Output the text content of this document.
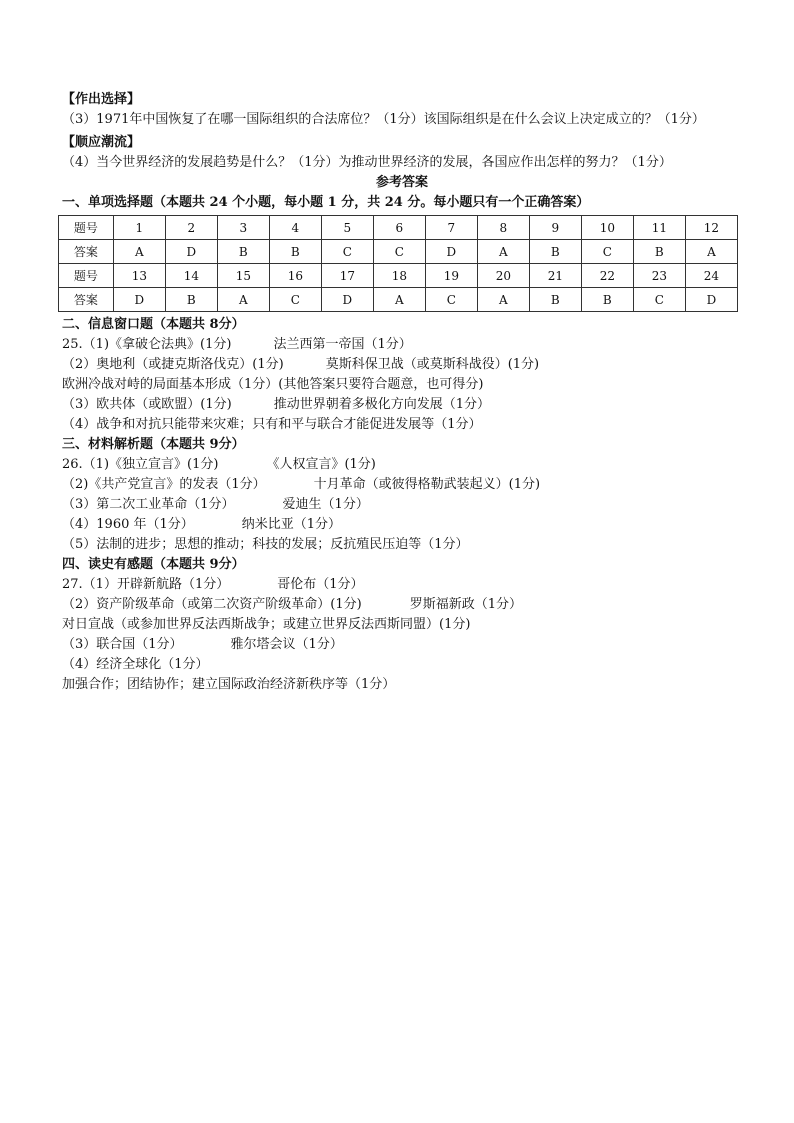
【作出选择】
（3）1971年中国恢复了在哪一国际组织的合法席位？（1分）该国际组织是在什么会议上决定成立的？（1分）
【顺应潮流】
（4）当今世界经济的发展趋势是什么？（1分）为推动世界经济的发展，各国应作出怎样的努力？（1分）
参考答案
一、单项选择题（本题共 24 个小题，每小题 1 分，共 24 分。每小题只有一个正确答案）
题号	1	2	3	4	5	6	7	8	9	10	11	12
答案	A	D	B	B	C	C	D	A	B	C	B	A
题号	13	14	15	16	17	18	19	20	21	22	23	24
答案	D	B	A	C	D	A	C	A	B	B	C	D
二、信息窗口题（本题共 8分）
25.（1)《拿破仑法典》(1分)	法兰西第一帝国（1分）
（2）奥地利（或捷克斯洛伐克）(1分)	莫斯科保卫战（或莫斯科战役）(1分)
欧洲冷战对峙的局面基本形成（1分）(其他答案只要符合题意，也可得分)
（3）欧共体（或欧盟）(1分)	推动世界朝着多极化方向发展（1分）
（4）战争和对抗只能带来灾难；只有和平与联合才能促进发展等（1分）
三、材料解析题（本题共 9分）
26.（1)《独立宣言》(1分)	《人权宣言》(1分)
（2)《共产党宣言》的发表（1分）	十月革命（或彼得格勒武装起义）(1分)
（3）第二次工业革命（1分）	爱迪生（1分）
（4）1960 年（1分）	纳米比亚（1分）
（5）法制的进步；思想的推动；科技的发展；反抗殖民压迫等（1分）
四、读史有感题（本题共 9分）
27.（1）开辟新航路（1分）	哥伦布（1分）
（2）资产阶级革命（或第二次资产阶级革命）(1分)	罗斯福新政（1分）
对日宣战（或参加世界反法西斯战争；或建立世界反法西斯同盟）(1分)
（3）联合国（1分）	雅尔塔会议（1分）
（4）经济全球化（1分）
加强合作；团结协作；建立国际政治经济新秩序等（1分）
